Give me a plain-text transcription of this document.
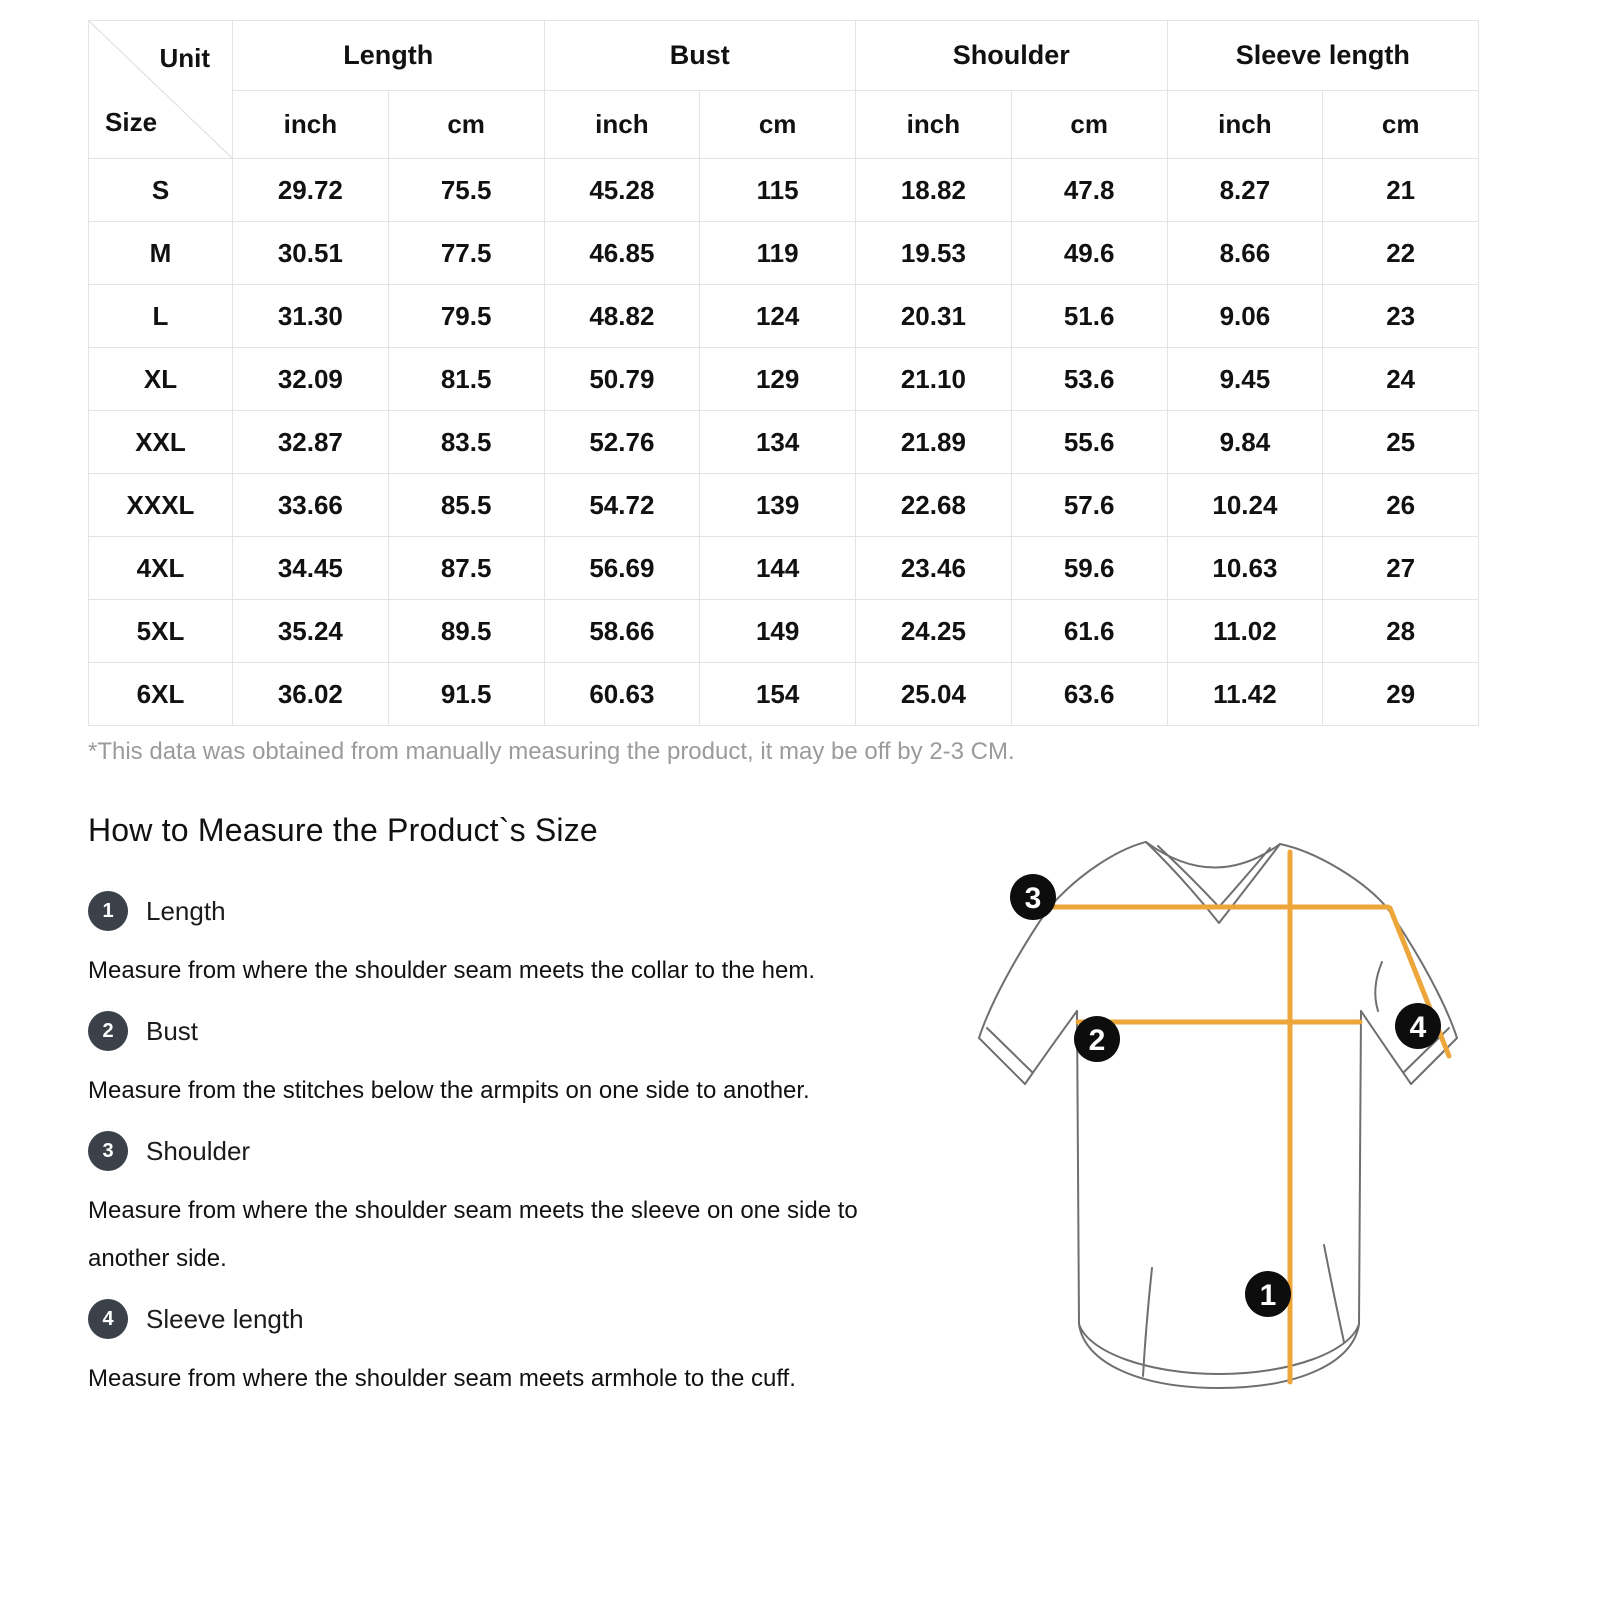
Unit
Size	Length		Bust		Shoulder		Sleeve length	
	inch	cm	inch	cm	inch	cm	inch	cm
S	29.72	75.5	45.28	115	18.82	47.8	8.27	21
M	30.51	77.5	46.85	119	19.53	49.6	8.66	22
L	31.30	79.5	48.82	124	20.31	51.6	9.06	23
XL	32.09	81.5	50.79	129	21.10	53.6	9.45	24
XXL	32.87	83.5	52.76	134	21.89	55.6	9.84	25
XXXL	33.66	85.5	54.72	139	22.68	57.6	10.24	26
4XL	34.45	87.5	56.69	144	23.46	59.6	10.63	27
5XL	35.24	89.5	58.66	149	24.25	61.6	11.02	28
6XL	36.02	91.5	60.63	154	25.04	63.6	11.42	29

*This data was obtained from manually measuring the product, it may be off by 2-3 CM.

How to Measure the Product`s Size
1	Length

Measure from where the shoulder seam meets the collar to the hem.

2	Bust

Measure from the stitches below the armpits on one side to another.

3	Shoulder

Measure from where the shoulder seam meets the sleeve on one side to another side.

4	Sleeve length

Measure from where the shoulder seam meets armhole to the cuff.

3
2	4
1
